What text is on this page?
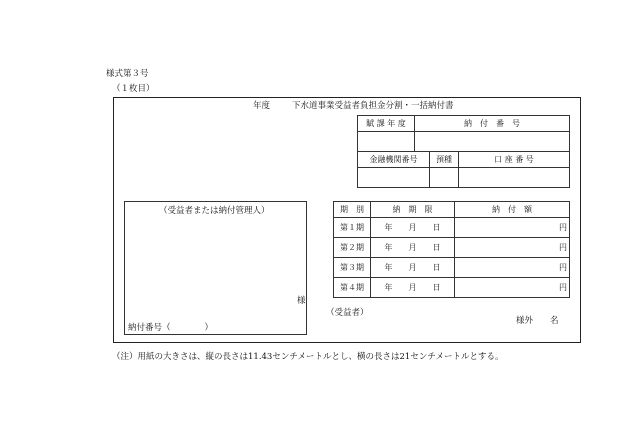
様式第３号
（１枚目）
年度	下水道事業受益者負担金分割・一括納付書
賦 課 年 度	納　付　番　号

金融機関番号	預種	口 座 番 号

（受益者または納付管理人）
様
納付番号（　　　　）
期　別	納　期　限	納　付　額
第１期	年　　月　　日	円
第２期	年　　月　　日	円
第３期	年　　月　　日	円
第４期	年　　月　　日	円
（受益者）
様外　　名
（注）用紙の大きさは、縦の長さは11.43センチメートルとし、横の長さは21センチメートルとする。
